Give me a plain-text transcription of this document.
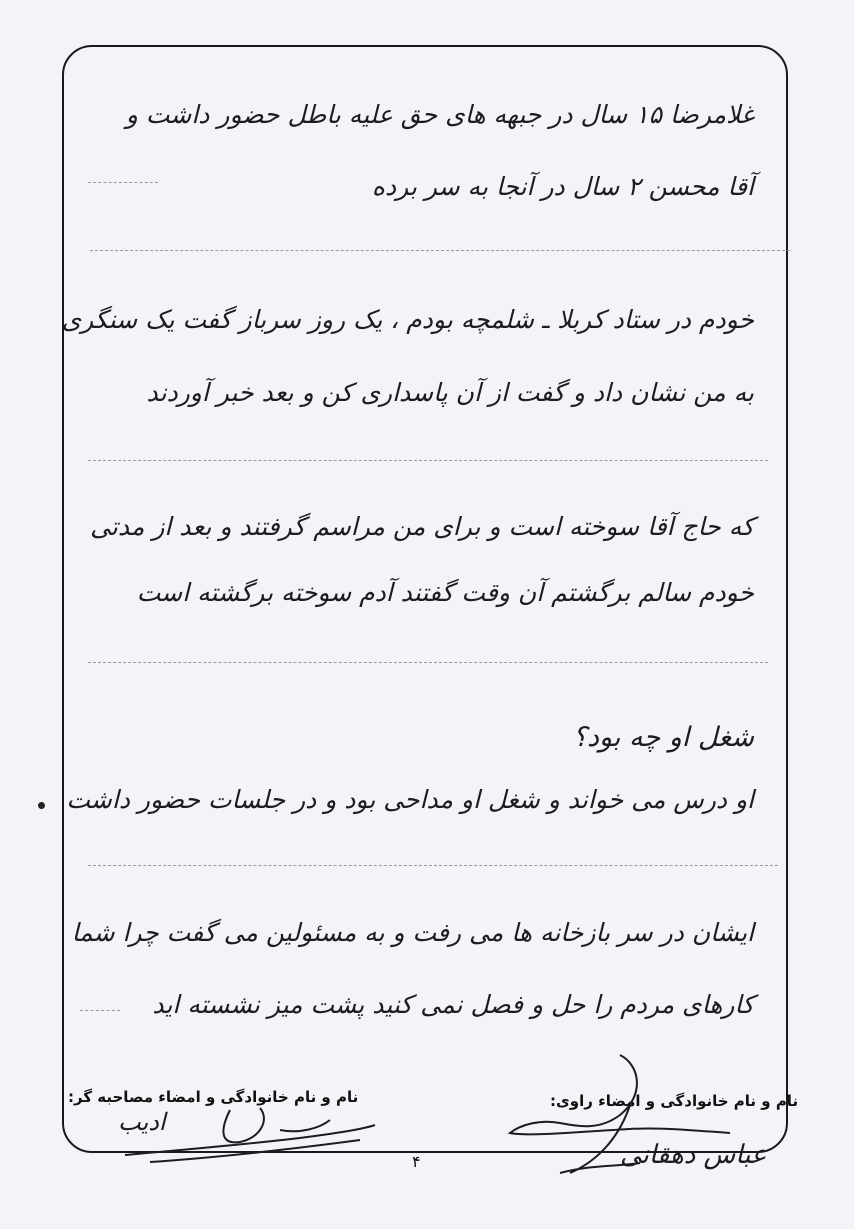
غلامرضا ۱۵ سال در جبهه های حق علیه باطل حضور داشت و
آقا محسن ۲ سال در آنجا به سر برده
خودم در ستاد کربلا ـ شلمچه بودم ، یک روز سرباز گفت یک سنگری
به من نشان داد و گفت از آن پاسداری کن و بعد خبر آوردند
که حاج آقا سوخته است و برای من مراسم گرفتند و بعد از مدتی
خودم سالم برگشتم آن وقت گفتند آدم سوخته برگشته است
شغل او چه بود؟
او درس می خواند و شغل او مداحی بود و در جلسات حضور داشت
ایشان در سر بازخانه ها می رفت و به مسئولین می گفت چرا شما
کارهای مردم را حل و فصل نمی کنید پشت میز نشسته اید
نام و نام خانوادگی و امضاء راوی:
نام و نام خانوادگی و امضاء مصاحبه گر:
عباس دهقانی
ادیب
۴
